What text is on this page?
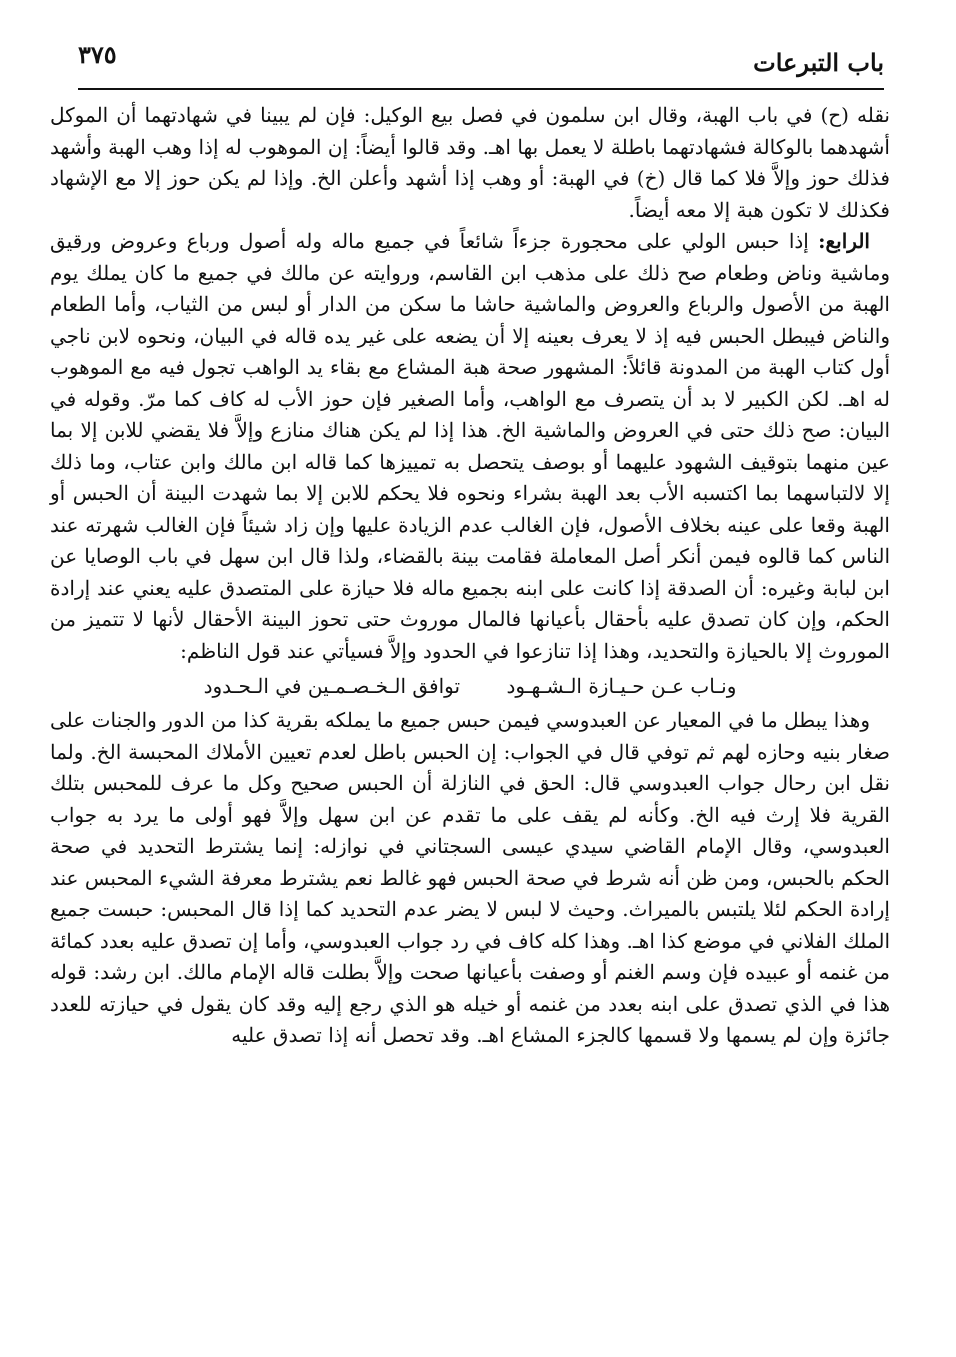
باب التبرعات
٣٧٥

نقله (ح) في باب الهبة، وقال ابن سلمون في فصل بيع الوكيل: فإن لم يبينا في شهادتهما أن الموكل أشهدهما بالوكالة فشهادتهما باطلة لا يعمل بها اهـ. وقد قالوا أيضاً: إن الموهوب له إذا وهب الهبة وأشهد فذلك حوز وإلاَّ فلا كما قال (خ) في الهبة: أو وهب إذا أشهد وأعلن الخ. وإذا لم يكن حوز إلا مع الإشهاد فكذلك لا تكون هبة إلا معه أيضاً.

الرابع: إذا حبس الولي على محجورة جزءاً شائعاً في جميع ماله وله أصول ورباع وعروض ورقيق وماشية وناض وطعام صح ذلك على مذهب ابن القاسم، وروايته عن مالك في جميع ما كان يملك يوم الهبة من الأصول والرباع والعروض والماشية حاشا ما سكن من الدار أو لبس من الثياب، وأما الطعام والناض فيبطل الحبس فيه إذ لا يعرف بعينه إلا أن يضعه على غير يده قاله في البيان، ونحوه لابن ناجي أول كتاب الهبة من المدونة قائلاً: المشهور صحة هبة المشاع مع بقاء يد الواهب تجول فيه مع الموهوب له اهـ. لكن الكبير لا بد أن يتصرف مع الواهب، وأما الصغير فإن حوز الأب له كاف كما مرّ. وقوله في البيان: صح ذلك حتى في العروض والماشية الخ. هذا إذا لم يكن هناك منازع وإلاَّ فلا يقضي للابن إلا بما عين منهما بتوقيف الشهود عليهما أو بوصف يتحصل به تمييزها كما قاله ابن مالك وابن عتاب، وما ذلك إلا لالتباسهما بما اكتسبه الأب بعد الهبة بشراء ونحوه فلا يحكم للابن إلا بما شهدت البينة أن الحبس أو الهبة وقعا على عينه بخلاف الأصول، فإن الغالب عدم الزيادة عليها وإن زاد شيئاً فإن الغالب شهرته عند الناس كما قالوه فيمن أنكر أصل المعاملة فقامت بينة بالقضاء، ولذا قال ابن سهل في باب الوصايا عن ابن لبابة وغيره: أن الصدقة إذا كانت على ابنه بجميع ماله فلا حيازة على المتصدق عليه يعني عند إرادة الحكم، وإن كان تصدق عليه بأحقال بأعيانها فالمال موروث حتى تحوز البينة الأحقال لأنها لا تتميز من الموروث إلا بالحيازة والتحديد، وهذا إذا تنازعوا في الحدود وإلاَّ فسيأتي عند قول الناظم:

ونـاب عـن حـيـازة الـشـهـود توافق الـخـصـمـين في الـحـدود

وهذا يبطل ما في المعيار عن العبدوسي فيمن حبس جميع ما يملكه بقرية كذا من الدور والجنات على صغار بنيه وحازه لهم ثم توفي قال في الجواب: إن الحبس باطل لعدم تعيين الأملاك المحبسة الخ. ولما نقل ابن رحال جواب العبدوسي قال: الحق في النازلة أن الحبس صحيح وكل ما عرف للمحبس بتلك القرية فلا إرث فيه الخ. وكأنه لم يقف على ما تقدم عن ابن سهل وإلاَّ فهو أولى ما يرد به جواب العبدوسي، وقال الإمام القاضي سيدي عيسى السجتاني في نوازله: إنما يشترط التحديد في صحة الحكم بالحبس، ومن ظن أنه شرط في صحة الحبس فهو غالط نعم يشترط معرفة الشيء المحبس عند إرادة الحكم لئلا يلتبس بالميراث. وحيث لا لبس لا يضر عدم التحديد كما إذا قال المحبس: حبست جميع الملك الفلاني في موضع كذا اهـ. وهذا كله كاف في رد جواب العبدوسي، وأما إن تصدق عليه بعدد كمائة من غنمه أو عبيده فإن وسم الغنم أو وصفت بأعيانها صحت وإلاَّ بطلت قاله الإمام مالك. ابن رشد: قوله هذا في الذي تصدق على ابنه بعدد من غنمه أو خيله هو الذي رجع إليه وقد كان يقول في حيازته للعدد جائزة وإن لم يسمها ولا قسمها كالجزء المشاع اهـ. وقد تحصل أنه إذا تصدق عليه
